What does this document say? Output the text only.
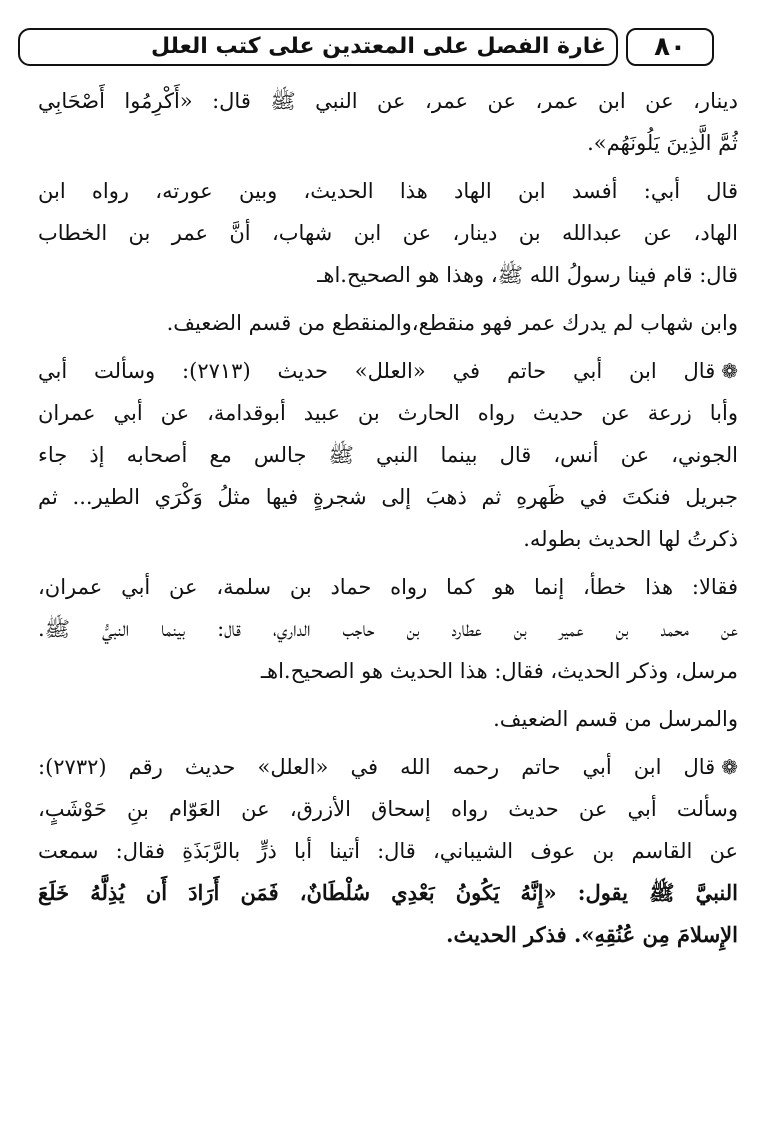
غارة الفصل على المعتدين على كتب العلل ٨٠
دينار، عن ابن عمر، عن عمر، عن النبي ﷺ قال: «أَكْرِمُوا أَصْحَابِي
ثُمَّ الَّذِينَ يَلُونَهُم».
قال أبي: أفسد ابن الهاد هذا الحديث، وبين عورته، رواه ابن
الهاد، عن عبدالله بن دينار، عن ابن شهاب، أنَّ عمر بن الخطاب
قال: قام فينا رسولُ الله ﷺ، وهذا هو الصحيح.اهـ
وابن شهاب لم يدرك عمر فهو منقطع،والمنقطع من قسم الضعيف.
❁قال ابن أبي حاتم في «العلل» حديث (٢٧١٣): وسألت أبي
وأبا زرعة عن حديث رواه الحارث بن عبيد أبوقدامة، عن أبي عمران
الجوني، عن أنس، قال بينما النبي ﷺ جالس مع أصحابه إذ جاء
جبريل فنكتَ في ظَهرهِ ثم ذهبَ إلى شجرةٍ فيها مثلُ وَكْرَي الطير... ثم
ذكرتُ لها الحديث بطوله.
فقالا: هذا خطأ، إنما هو كما رواه حماد بن سلمة، عن أبي عمران،
عن محمد بن عمير بن عطارد بن حاجب الداري، قال: بينما النبيُّ ﷺ.
مرسل، وذكر الحديث، فقال: هذا الحديث هو الصحيح.اهـ
والمرسل من قسم الضعيف.
❁قال ابن أبي حاتم رحمه الله في «العلل» حديث رقم (٢٧٣٢):
وسألت أبي عن حديث رواه إسحاق الأزرق، عن العَوّام بنِ حَوْشَبٍ،
عن القاسم بن عوف الشيباني، قال: أتينا أبا ذرٍّ بالرَّبَذَةِ فقال: سمعت
النبيَّ ﷺ يقول: «إِنَّهُ يَكُونُ بَعْدِي سُلْطَانٌ، فَمَن أَرَادَ أَن يُذِلَّهُ خَلَعَ
الإِسلامَ مِن عُنُقِهِ». فذكر الحديث.
